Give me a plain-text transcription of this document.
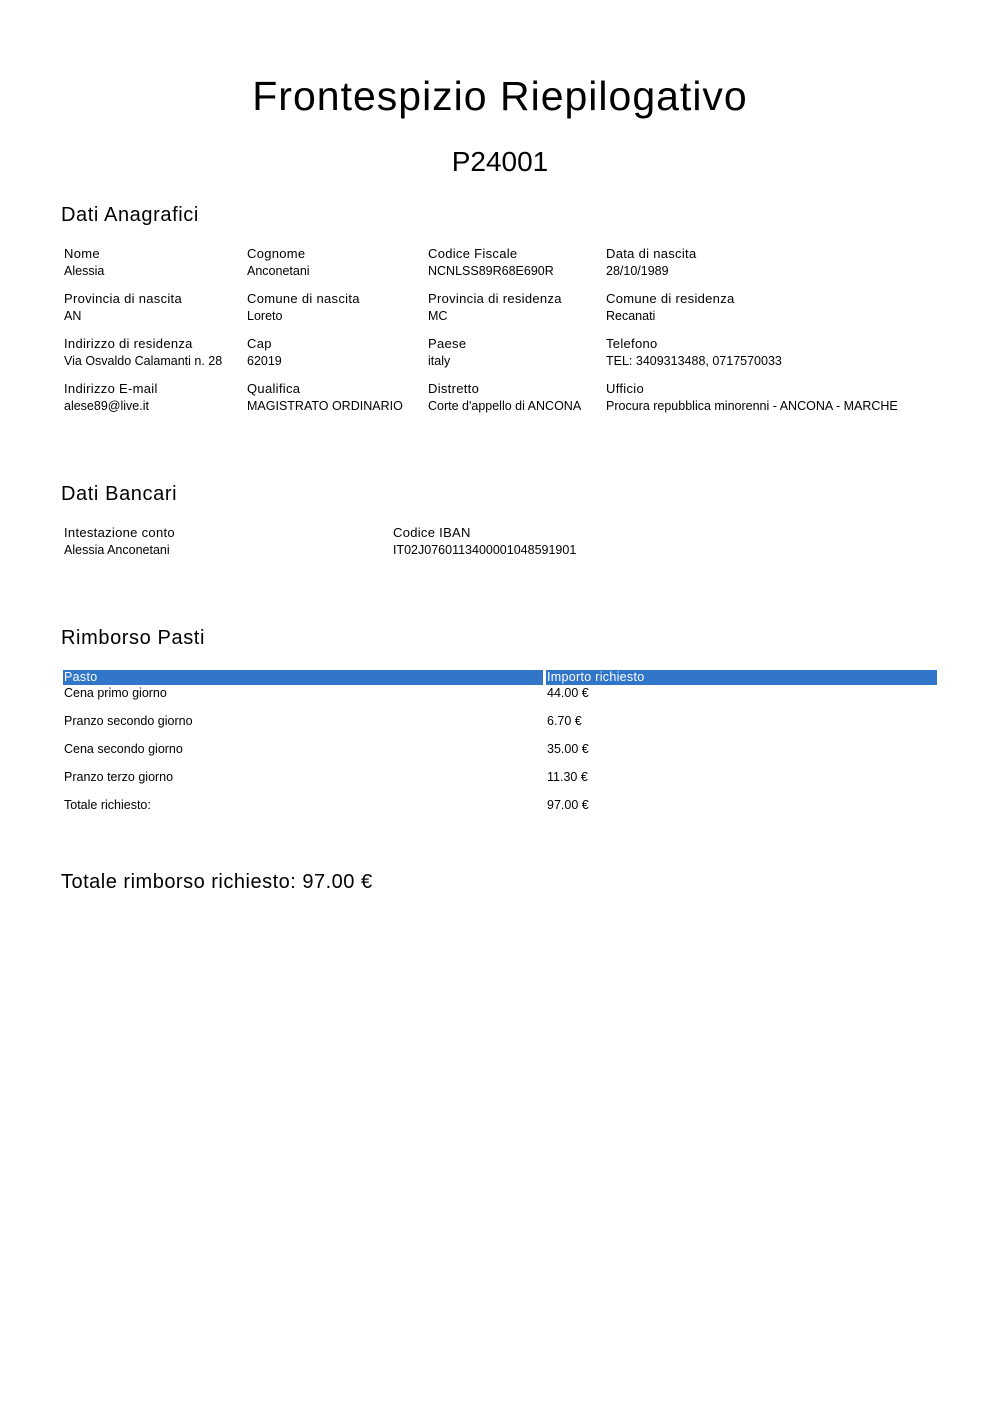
Frontespizio Riepilogativo
P24001
Dati Anagrafici
Nome
Alessia
Cognome
Anconetani
Codice Fiscale
NCNLSS89R68E690R
Data di nascita
28/10/1989
Provincia di nascita
AN
Comune di nascita
Loreto
Provincia di residenza
MC
Comune di residenza
Recanati
Indirizzo di residenza
Via Osvaldo Calamanti n. 28
Cap
62019
Paese
italy
Telefono
TEL: 3409313488, 0717570033
Indirizzo E-mail
alese89@live.it
Qualifica
MAGISTRATO ORDINARIO
Distretto
Corte d'appello di ANCONA
Ufficio
Procura repubblica minorenni - ANCONA - MARCHE
Dati Bancari
Intestazione conto
Alessia Anconetani
Codice IBAN
IT02J0760113400001048591901
Rimborso Pasti
Pasto	Importo richiesto
Cena primo giorno	44.00 €
Pranzo secondo giorno	6.70 €
Cena secondo giorno	35.00 €
Pranzo terzo giorno	11.30 €
Totale richiesto:	97.00 €

Totale rimborso richiesto: 97.00 €
